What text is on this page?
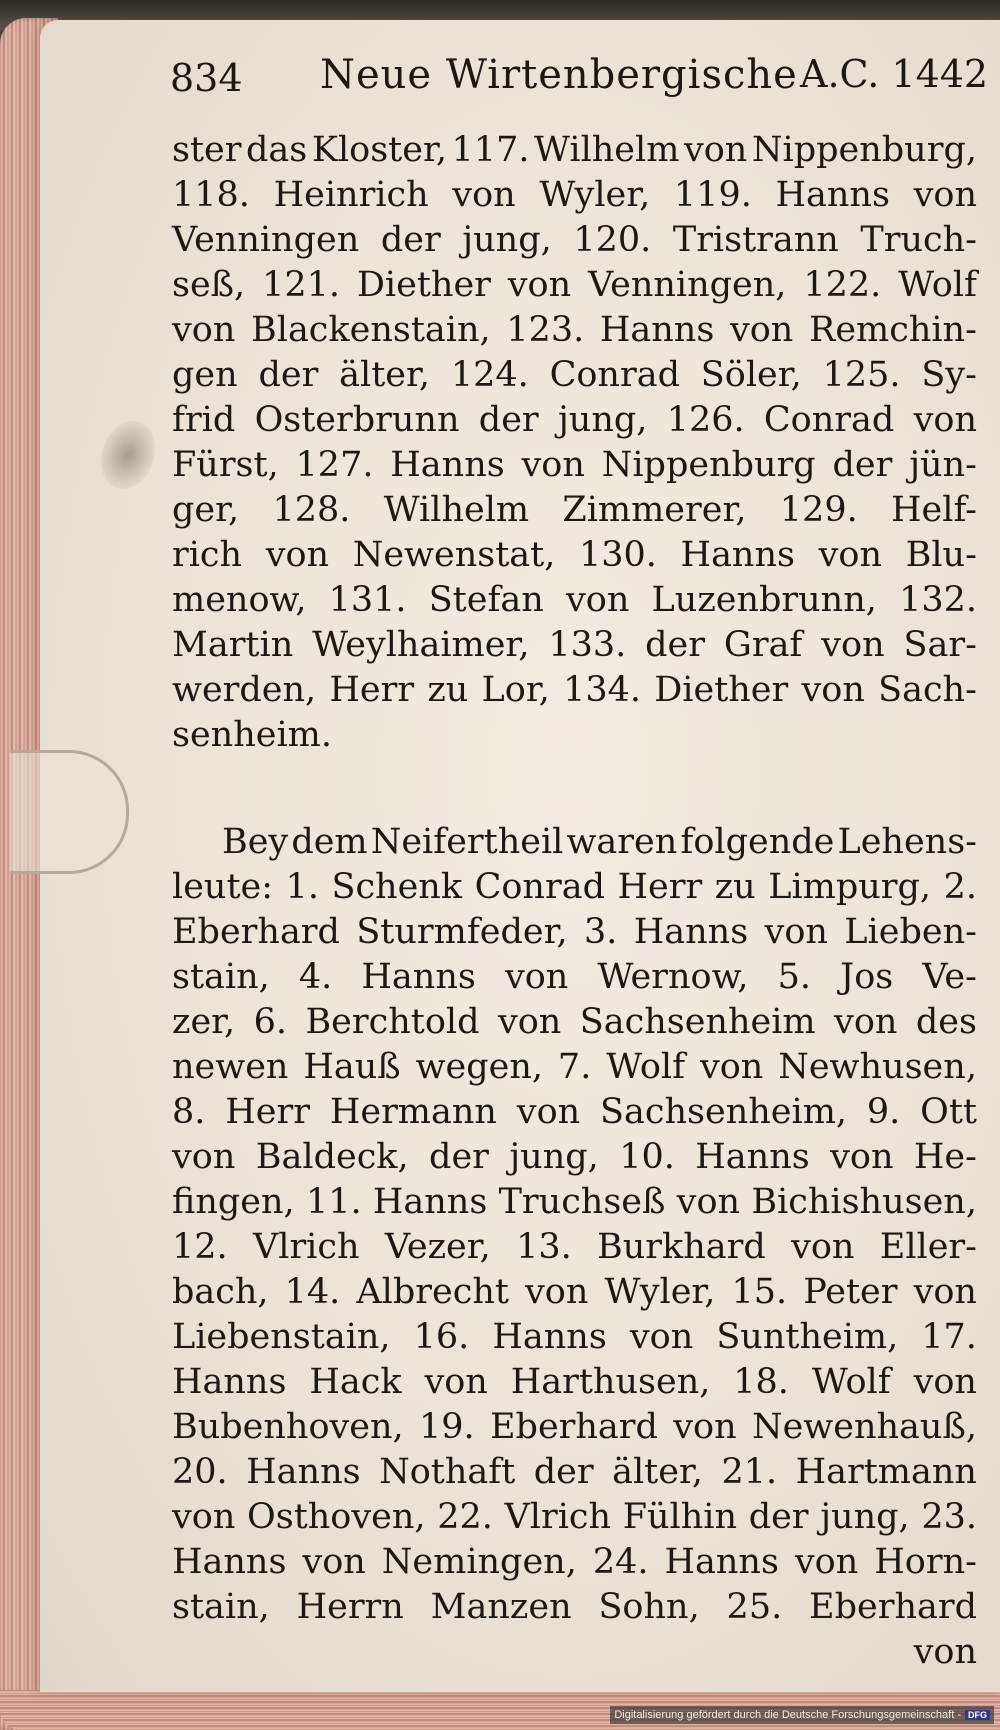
834 Neue Wirtenbergische A.C. 1442
ster das Kloster, 117. Wilhelm von Nippenburg,
118. Heinrich von Wyler, 119. Hanns von
Venningen der jung, 120. Tristrann Truch-
seß, 121. Diether von Venningen, 122. Wolf
von Blackenstain, 123. Hanns von Remchin-
gen der älter, 124. Conrad Söler, 125. Sy-
frid Osterbrunn der jung, 126. Conrad von
Fürst, 127. Hanns von Nippenburg der jün-
ger, 128. Wilhelm Zimmerer, 129. Helf-
rich von Newenstat, 130. Hanns von Blu-
menow, 131. Stefan von Luzenbrunn, 132.
Martin Weylhaimer, 133. der Graf von Sar-
werden, Herr zu Lor, 134. Diether von Sach-
senheim.
Bey dem Neifertheil waren folgende Lehens-
leute: 1. Schenk Conrad Herr zu Limpurg, 2.
Eberhard Sturmfeder, 3. Hanns von Lieben-
stain, 4. Hanns von Wernow, 5. Jos Ve-
zer, 6. Berchtold von Sachsenheim von des
newen Hauß wegen, 7. Wolf von Newhusen,
8. Herr Hermann von Sachsenheim, 9. Ott
von Baldeck, der jung, 10. Hanns von He-
fingen, 11. Hanns Truchseß von Bichishusen,
12. Vlrich Vezer, 13. Burkhard von Eller-
bach, 14. Albrecht von Wyler, 15. Peter von
Liebenstain, 16. Hanns von Suntheim, 17.
Hanns Hack von Harthusen, 18. Wolf von
Bubenhoven, 19. Eberhard von Newenhauß,
20. Hanns Nothaft der älter, 21. Hartmann
von Osthoven, 22. Vlrich Fülhin der jung, 23.
Hanns von Nemingen, 24. Hanns von Horn-
stain, Herrn Manzen Sohn, 25. Eberhard
von
Digitalisierung gefördert durch die Deutsche Forschungsgemeinschaft - DFG
